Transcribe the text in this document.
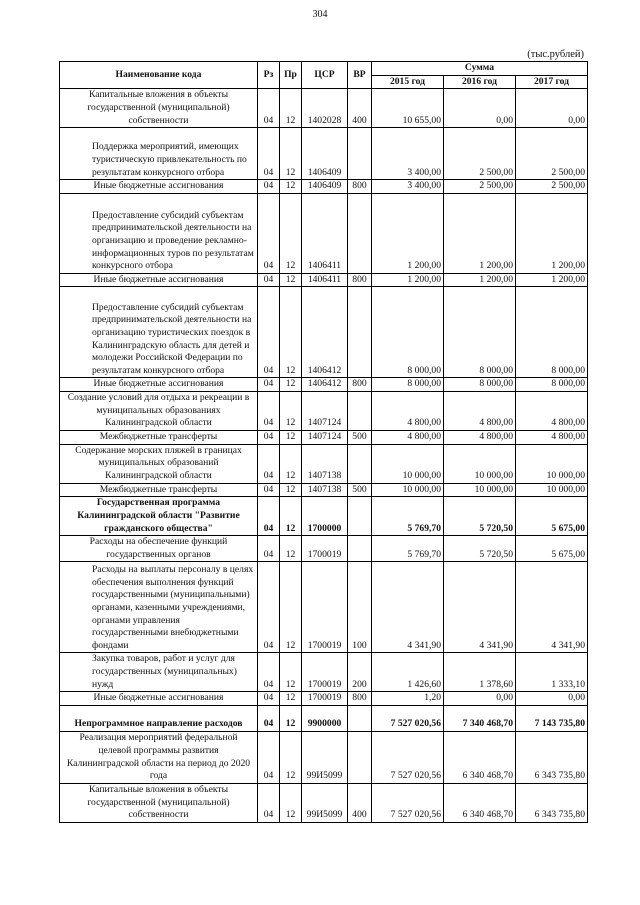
304
(тыс.рублей)
Наименование кода	Рз	Пр	ЦСР	ВР	Сумма		
					2015 год	2016 год	2017 год
Капитальные вложения в объекты государственной (муниципальной) собственности	04	12	1402028	400	10 655,00	0,00	0,00
Поддержка мероприятий, имеющих туристическую привлекательность по результатам конкурсного отбора	04	12	1406409		3 400,00	2 500,00	2 500,00
Иные бюджетные ассигнования	04	12	1406409	800	3 400,00	2 500,00	2 500,00
Предоставление субсидий субъектам предпринимательской деятельности на организацию и проведение рекламно-информационных туров по результатам конкурсного отбора	04	12	1406411		1 200,00	1 200,00	1 200,00
Иные бюджетные ассигнования	04	12	1406411	800	1 200,00	1 200,00	1 200,00
Предоставление субсидий субъектам предпринимательской деятельности на организацию туристических поездок в Калининградскую область для детей и молодежи Российской Федерации по результатам конкурсного отбора	04	12	1406412		8 000,00	8 000,00	8 000,00
Иные бюджетные ассигнования	04	12	1406412	800	8 000,00	8 000,00	8 000,00
Создание условий для отдыха и рекреации в муниципальных образованиях Калининградской области	04	12	1407124		4 800,00	4 800,00	4 800,00
Межбюджетные трансферты	04	12	1407124	500	4 800,00	4 800,00	4 800,00
Содержание морских пляжей в границах муниципальных образований Калининградской области	04	12	1407138		10 000,00	10 000,00	10 000,00
Межбюджетные трансферты	04	12	1407138	500	10 000,00	10 000,00	10 000,00
Государственная программа Калининградской области "Развитие гражданского общества"	04	12	1700000		5 769,70	5 720,50	5 675,00
Расходы на обеспечение функций государственных органов	04	12	1700019		5 769,70	5 720,50	5 675,00
Расходы на выплаты персоналу в целях обеспечения выполнения функций государственными (муниципальными) органами, казенными учреждениями, органами управления государственными внебюджетными фондами	04	12	1700019	100	4 341,90	4 341,90	4 341,90
Закупка товаров, работ и услуг для государственных (муниципальных) нужд	04	12	1700019	200	1 426,60	1 378,60	1 333,10
Иные бюджетные ассигнования	04	12	1700019	800	1,20	0,00	0,00
Непрограммное направление расходов	04	12	9900000		7 527 020,56	7 340 468,70	7 143 735,80
Реализация мероприятий федеральной целевой программы развития Калининградской области на период до 2020 года	04	12	99И5099		7 527 020,56	6 340 468,70	6 343 735,80
Капитальные вложения в объекты государственной (муниципальной) собственности	04	12	99И5099	400	7 527 020,56	6 340 468,70	6 343 735,80
